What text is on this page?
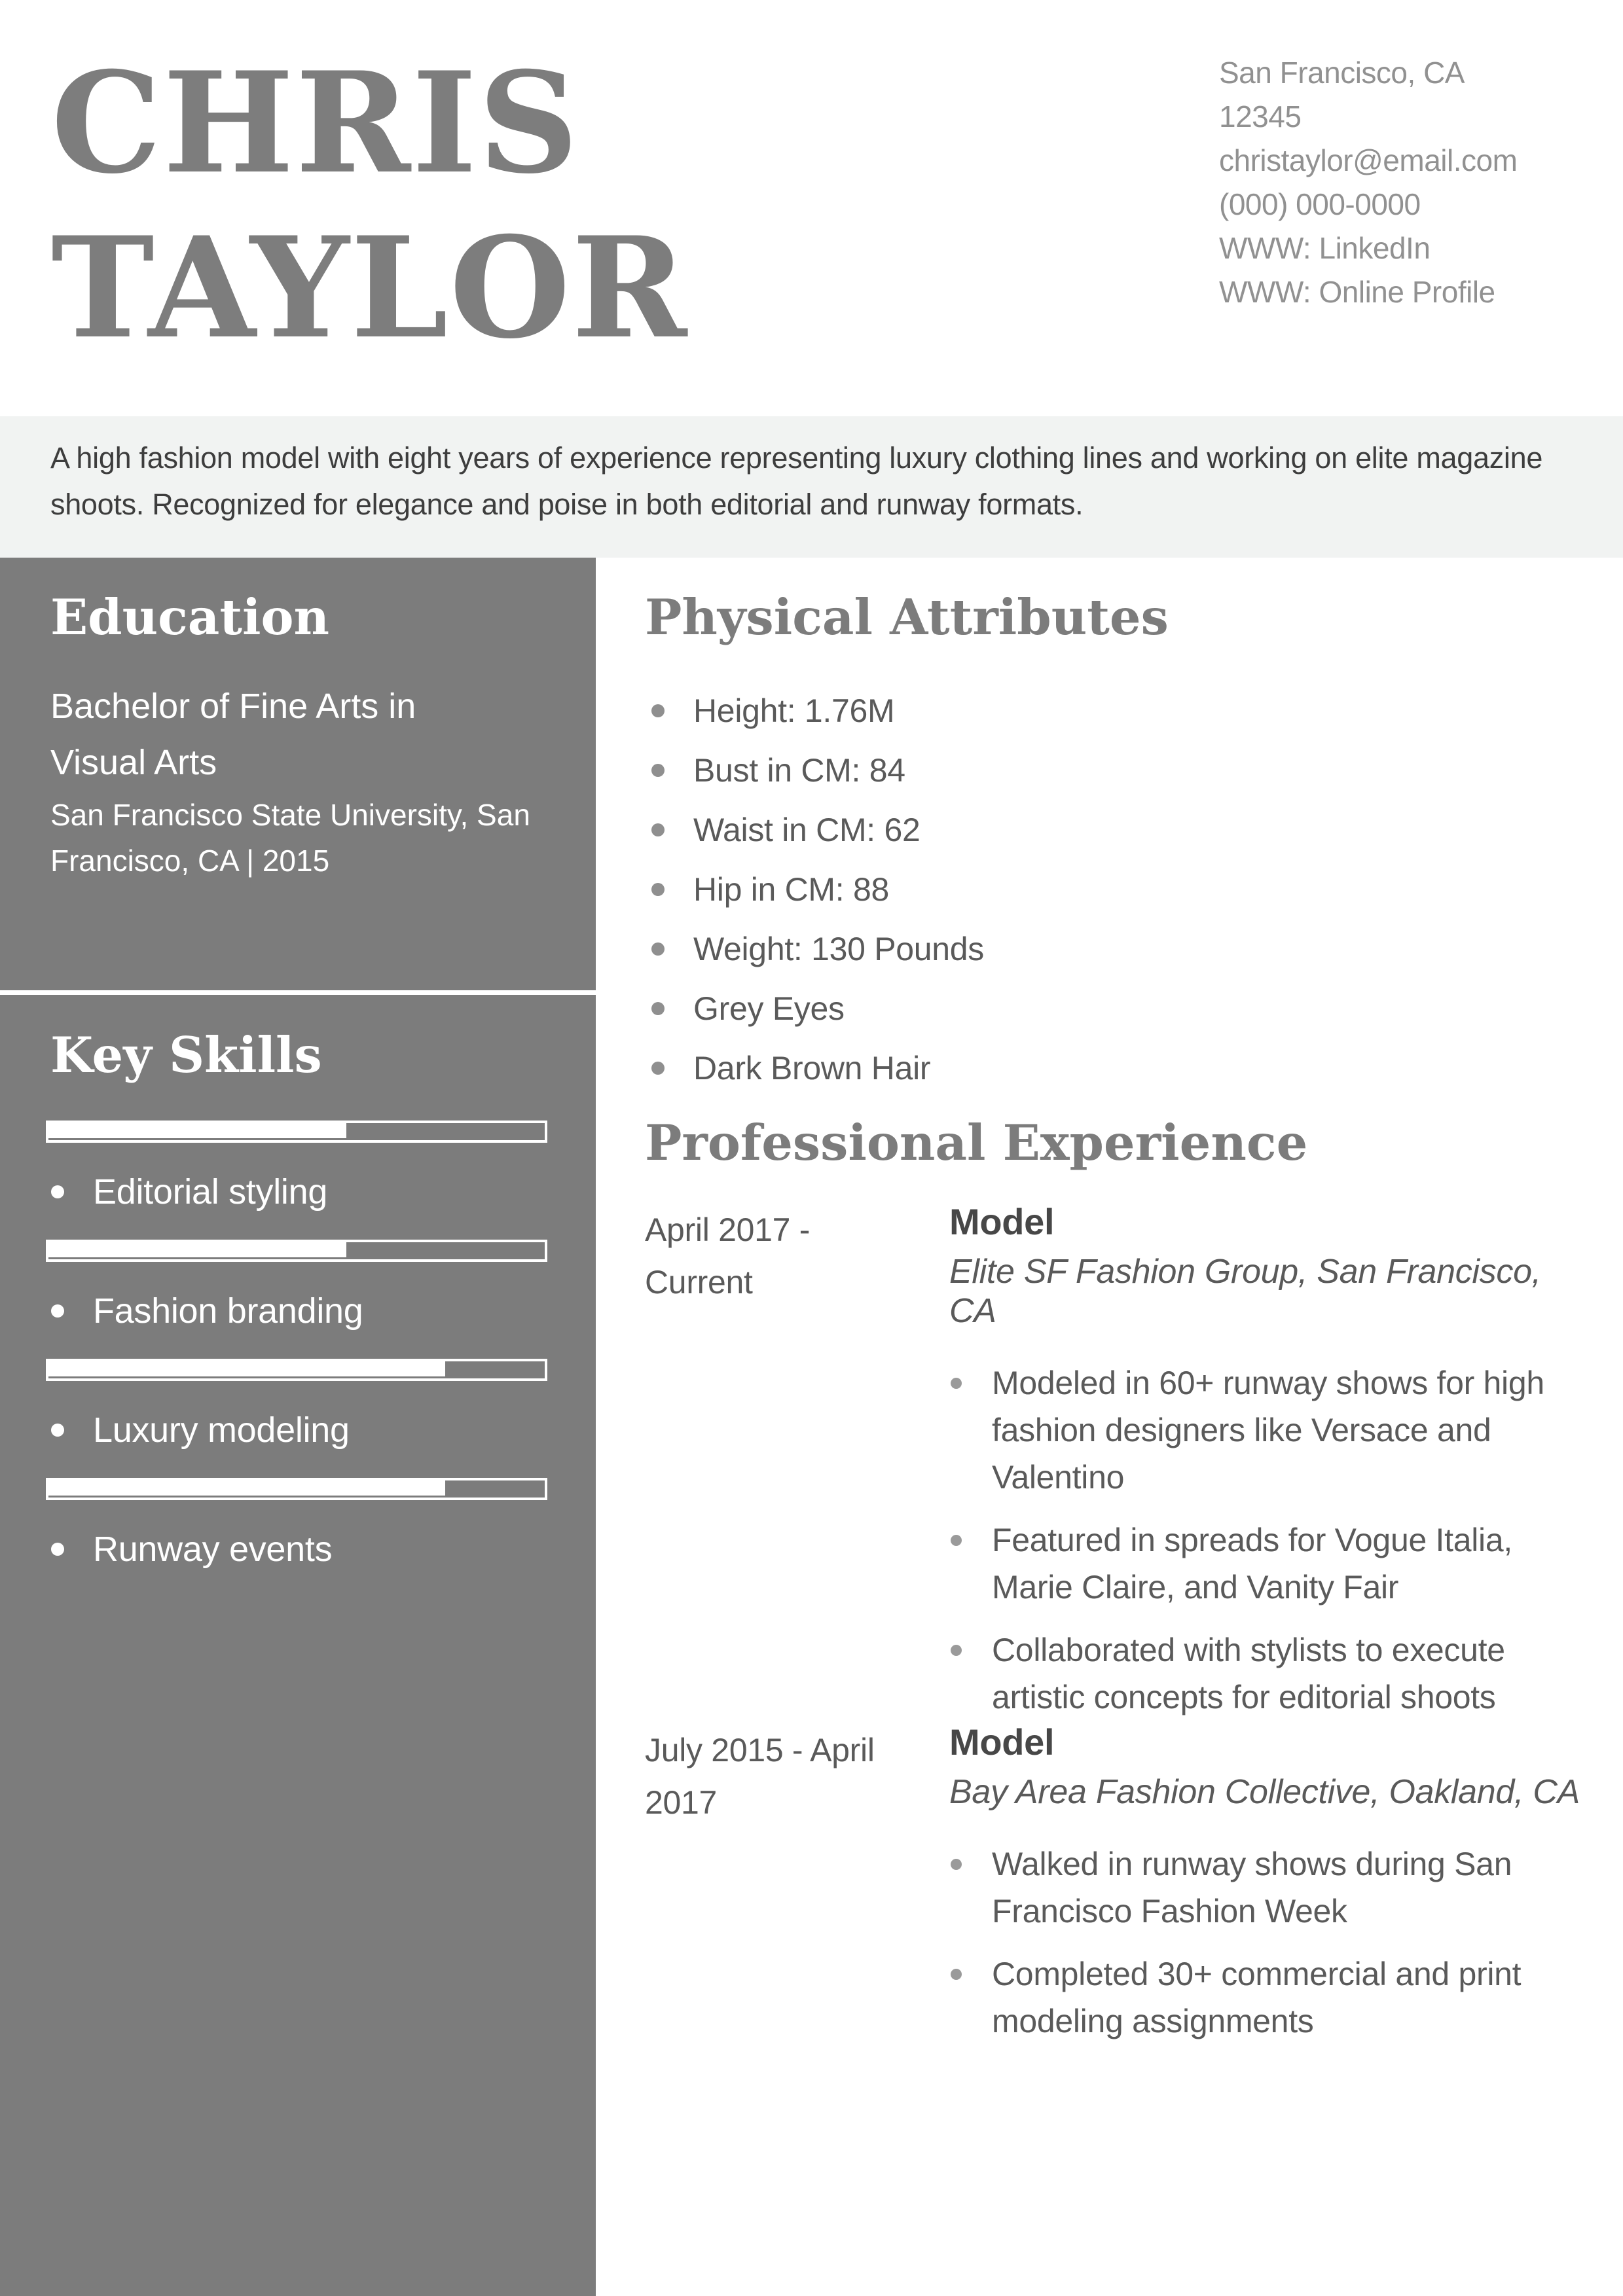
CHRIS
TAYLOR
San Francisco, CA
12345
christaylor@email.com
(000) 000-0000
WWW: LinkedIn
WWW: Online Profile

A high fashion model with eight years of experience representing luxury clothing lines and working on elite magazine shoots. Recognized for elegance and poise in both editorial and runway formats.

Education
Bachelor of Fine Arts in Visual Arts
San Francisco State University, San Francisco, CA | 2015
Key Skills
Editorial styling
Fashion branding
Luxury modeling
Runway events
Physical Attributes
Height: 1.76M
Bust in CM: 84
Waist in CM: 62
Hip in CM: 88
Weight: 130 Pounds
Grey Eyes
Dark Brown Hair
Professional Experience
April 2017 - Current
Model
Elite SF Fashion Group, San Francisco, CA
Modeled in 60+ runway shows for high fashion designers like Versace and Valentino
Featured in spreads for Vogue Italia, Marie Claire, and Vanity Fair
Collaborated with stylists to execute artistic concepts for editorial shoots
July 2015 - April 2017
Model
Bay Area Fashion Collective, Oakland, CA
Walked in runway shows during San Francisco Fashion Week
Completed 30+ commercial and print modeling assignments
